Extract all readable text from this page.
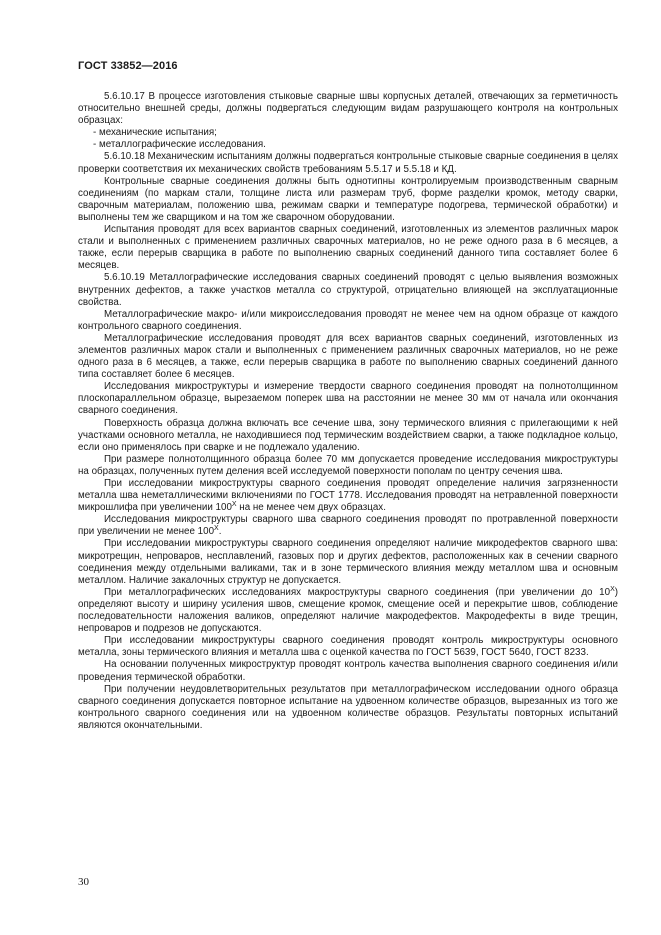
ГОСТ 33852—2016

5.6.10.17 В процессе изготовления стыковые сварные швы корпусных деталей, отвечающих за герметичность относительно внешней среды, должны подвергаться следующим видам разрушающего контроля на контрольных образцах:

- механические испытания;

- металлографические исследования.

5.6.10.18 Механическим испытаниям должны подвергаться контрольные стыковые сварные соединения в целях проверки соответствия их механических свойств требованиям 5.5.17 и 5.5.18 и КД.

Контрольные сварные соединения должны быть однотипны контролируемым производственным сварным соединениям (по маркам стали, толщине листа или размерам труб, форме разделки кромок, методу сварки, сварочным материалам, положению шва, режимам сварки и температуре подогрева, термической обработки) и выполнены тем же сварщиком и на том же сварочном оборудовании.

Испытания проводят для всех вариантов сварных соединений, изготовленных из элементов различных марок стали и выполненных с применением различных сварочных материалов, но не реже одного раза в 6 месяцев, а также, если перерыв сварщика в работе по выполнению сварных соединений данного типа составляет более 6 месяцев.

5.6.10.19 Металлографические исследования сварных соединений проводят с целью выявления возможных внутренних дефектов, а также участков металла со структурой, отрицательно влияющей на эксплуатационные свойства.

Металлографические макро- и/или микроисследования проводят не менее чем на одном образце от каждого контрольного сварного соединения.

Металлографические исследования проводят для всех вариантов сварных соединений, изготовленных из элементов различных марок стали и выполненных с применением различных сварочных материалов, но не реже одного раза в 6 месяцев, а также, если перерыв сварщика в работе по выполнению сварных соединений данного типа составляет более 6 месяцев.

Исследования микроструктуры и измерение твердости сварного соединения проводят на полнотолщинном плоскопараллельном образце, вырезаемом поперек шва на расстоянии не менее 30 мм от начала или окончания сварного соединения.

Поверхность образца должна включать все сечение шва, зону термического влияния с прилегающими к ней участками основного металла, не находившиеся под термическим воздействием сварки, а также подкладное кольцо, если оно применялось при сварке и не подлежало удалению.

При размере полнотолщинного образца более 70 мм допускается проведение исследования микроструктуры на образцах, полученных путем деления всей исследуемой поверхности пополам по центру сечения шва.

При исследовании микроструктуры сварного соединения проводят определение наличия загрязненности металла шва неметаллическими включениями по ГОСТ 1778. Исследования проводят на нетравленной поверхности микрошлифа при увеличении $100^X$ на не менее чем двух образцах.

Исследования микроструктуры сварного шва сварного соединения проводят по протравленной поверхности при увеличении не менее $100^X$.

При исследовании микроструктуры сварного соединения определяют наличие микродефектов сварного шва: микротрещин, непроваров, несплавлений, газовых пор и других дефектов, расположенных как в сечении сварного соединения между отдельными валиками, так и в зоне термического влияния между металлом шва и основным металлом. Наличие закалочных структур не допускается.

При металлографических исследованиях макроструктуры сварного соединения (при увеличении до $10^X$) определяют высоту и ширину усиления швов, смещение кромок, смещение осей и перекрытие швов, соблюдение последовательности наложения валиков, определяют наличие макродефектов. Макродефекты в виде трещин, непроваров и подрезов не допускаются.

При исследовании микроструктуры сварного соединения проводят контроль микроструктуры основного металла, зоны термического влияния и металла шва с оценкой качества по ГОСТ 5639, ГОСТ 5640, ГОСТ 8233.

На основании полученных микроструктур проводят контроль качества выполнения сварного соединения и/или проведения термической обработки.

При получении неудовлетворительных результатов при металлографическом исследовании одного образца сварного соединения допускается повторное испытание на удвоенном количестве образцов, вырезанных из того же контрольного сварного соединения или на удвоенном количестве образцов. Результаты повторных испытаний являются окончательными.

30
